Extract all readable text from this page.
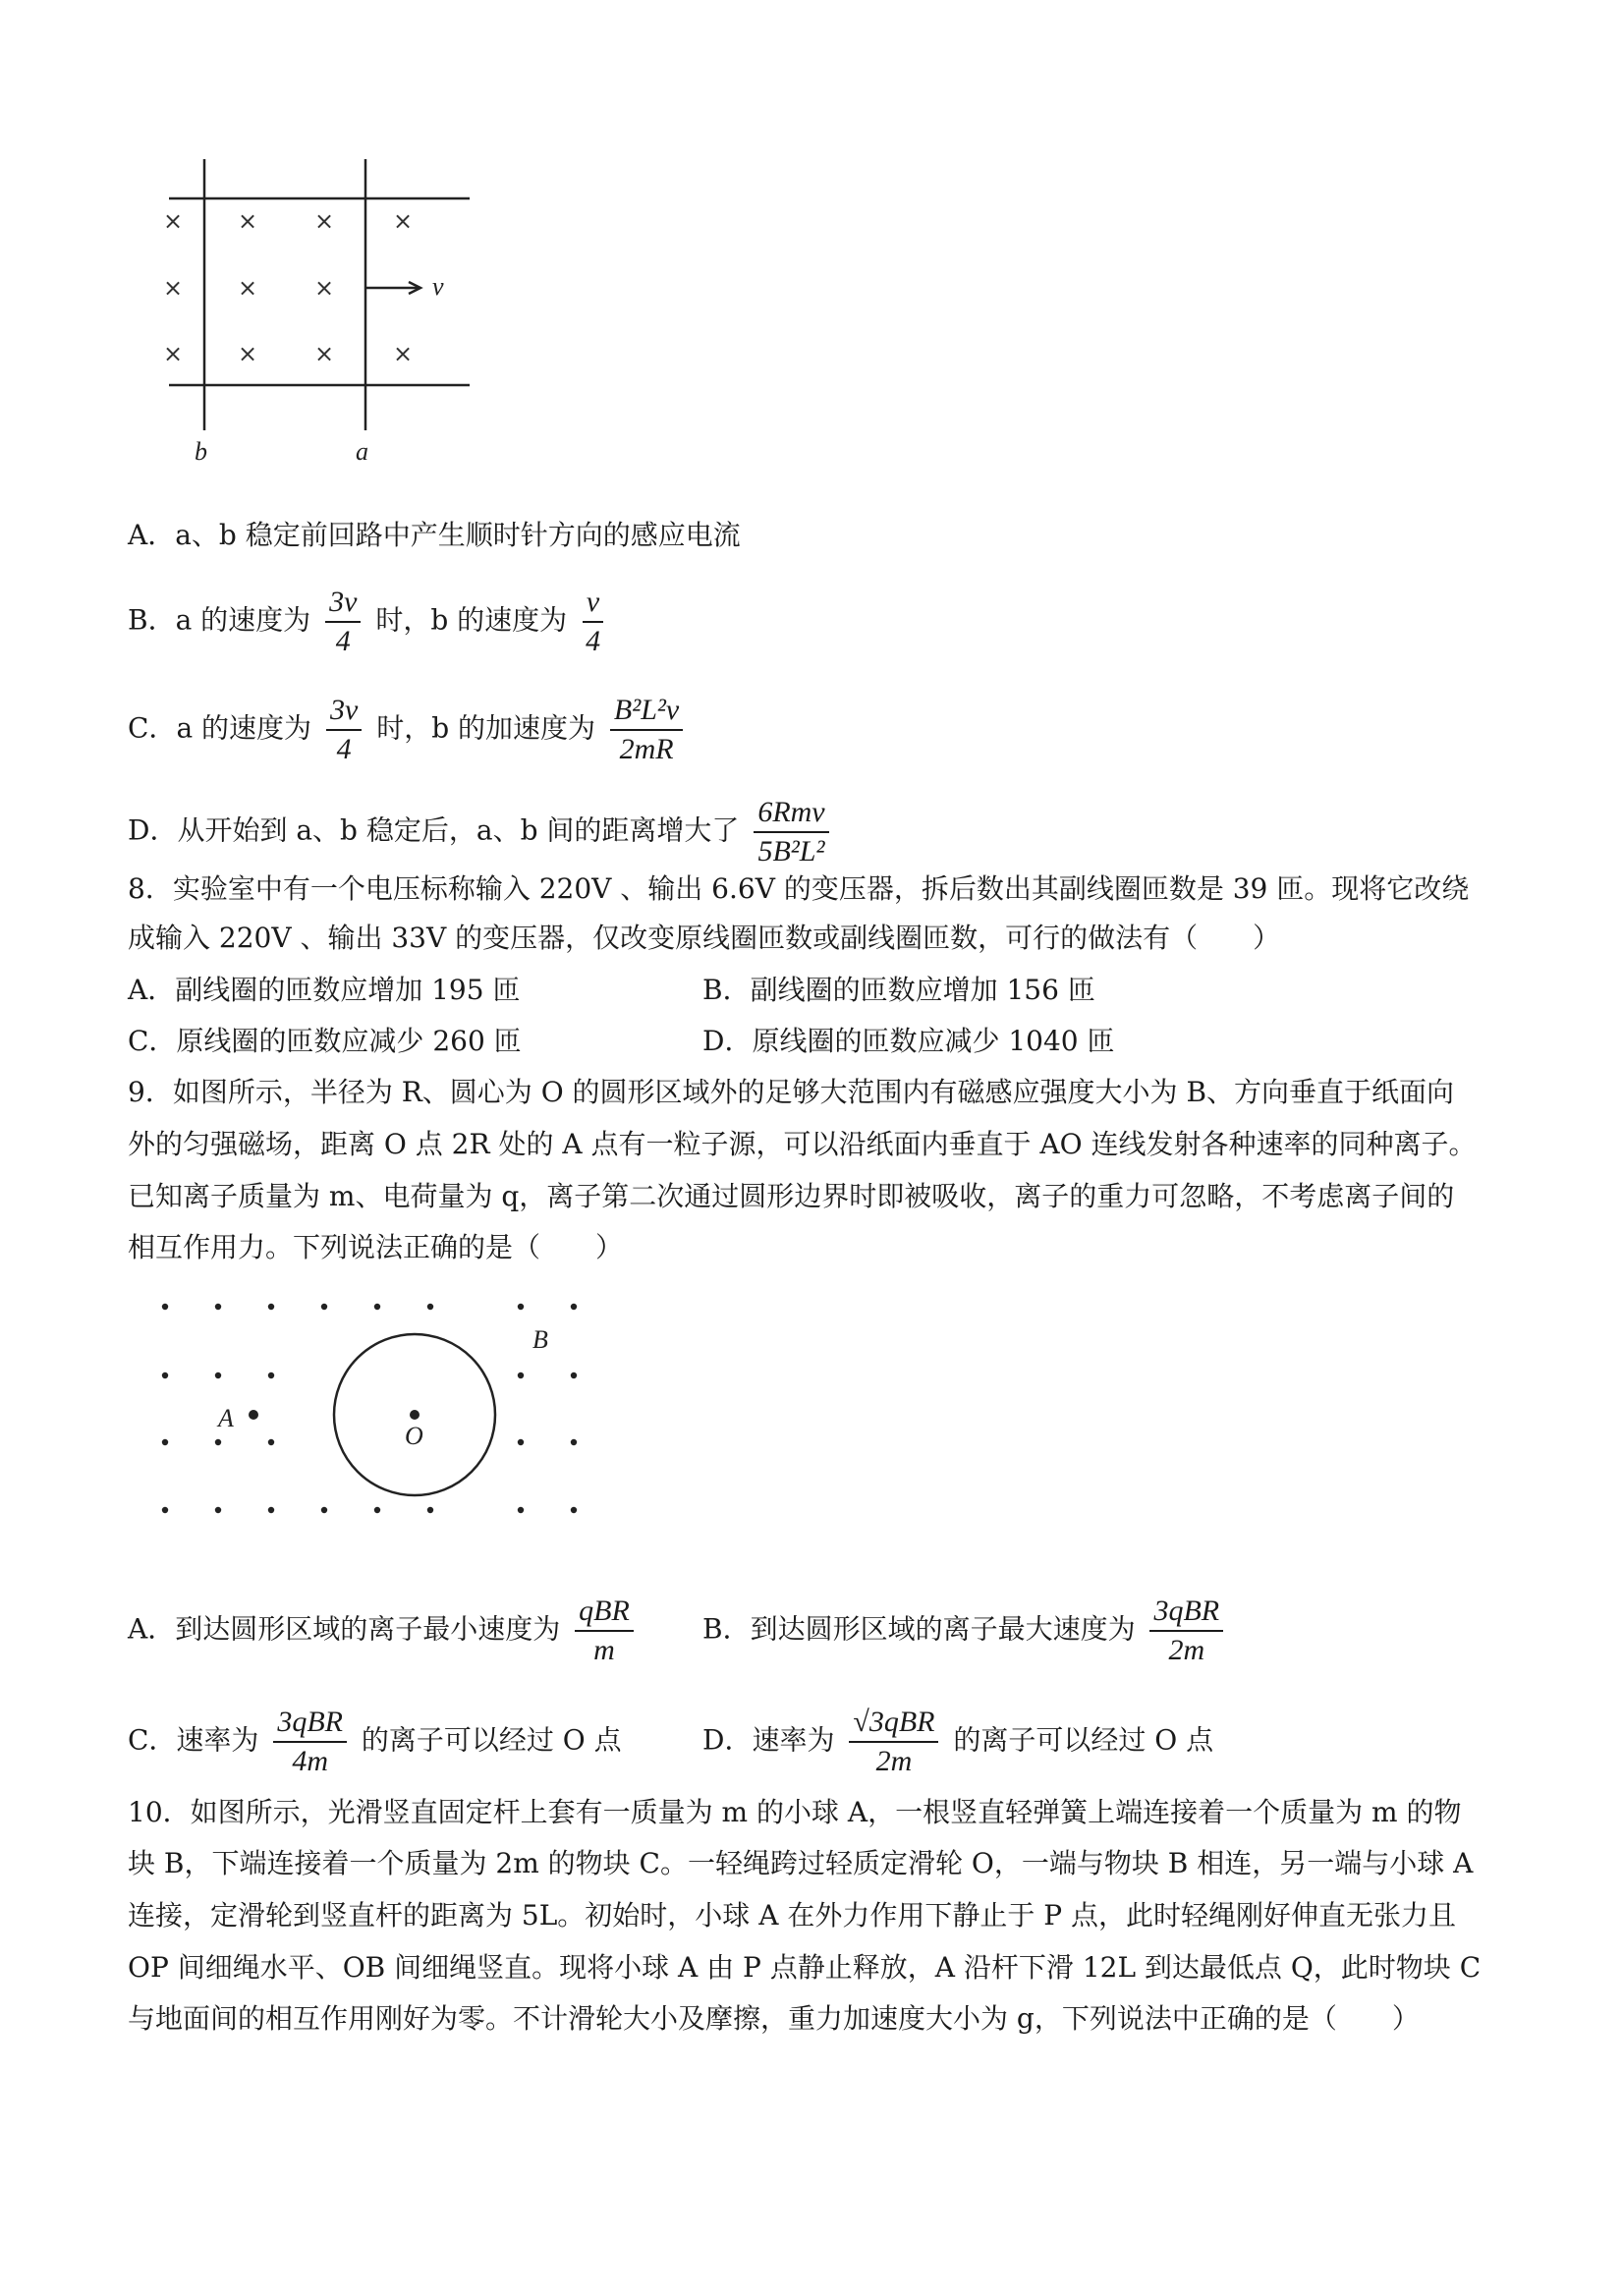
× × × ×
× × ×
× × × ×
v
b	a
A．a、b 稳定前回路中产生顺时针方向的感应电流
B．a 的速度为 $\frac{3v}{4}$ 时，b 的速度为 $\frac{v}{4}$
C．a 的速度为 $\frac{3v}{4}$ 时，b 的加速度为 $\frac{\text{B²L²v}}{2mR}$
D．从开始到 a、b 稳定后，a、b 间的距离增大了 $\frac{\text{6Rmv}}{\text{5B²L²}}$
8．实验室中有一个电压标称输入 220V 、输出 6.6V 的变压器，拆后数出其副线圈匝数是 39 匝。现将它改绕
成输入 220V 、输出 33V 的变压器，仅改变原线圈匝数或副线圈匝数，可行的做法有（　　）
A．副线圈的匝数应增加 195 匝	B．副线圈的匝数应增加 156 匝
C．原线圈的匝数应减少 260 匝	D．原线圈的匝数应减少 1040 匝
9．如图所示，半径为 R、圆心为 O 的圆形区域外的足够大范围内有磁感应强度大小为 B、方向垂直于纸面向
外的匀强磁场，距离 O 点 2R 处的 A 点有一粒子源，可以沿纸面内垂直于 AO 连线发射各种速率的同种离子。
已知离子质量为 m、电荷量为 q，离子第二次通过圆形边界时即被吸收，离子的重力可忽略，不考虑离子间的
相互作用力。下列说法正确的是（　　）
A
O
B
A．到达圆形区域的离子最小速度为 $\frac{\text{qBR}}{m}$	B．到达圆形区域的离子最大速度为 $\frac{\text{3qBR}}{2m}$
C．速率为 $\frac{\text{3qBR}}{4m}$ 的离子可以经过 O 点	D．速率为 $\frac{\text{√3qBR}}{2m}$ 的离子可以经过 O 点
10．如图所示，光滑竖直固定杆上套有一质量为 m 的小球 A，一根竖直轻弹簧上端连接着一个质量为 m 的物
块 B，下端连接着一个质量为 2m 的物块 C。一轻绳跨过轻质定滑轮 O，一端与物块 B 相连，另一端与小球 A
连接，定滑轮到竖直杆的距离为 5L。初始时，小球 A 在外力作用下静止于 P 点，此时轻绳刚好伸直无张力且
OP 间细绳水平、OB 间细绳竖直。现将小球 A 由 P 点静止释放，A 沿杆下滑 12L 到达最低点 Q，此时物块 C
与地面间的相互作用刚好为零。不计滑轮大小及摩擦，重力加速度大小为 g，下列说法中正确的是（　　）
